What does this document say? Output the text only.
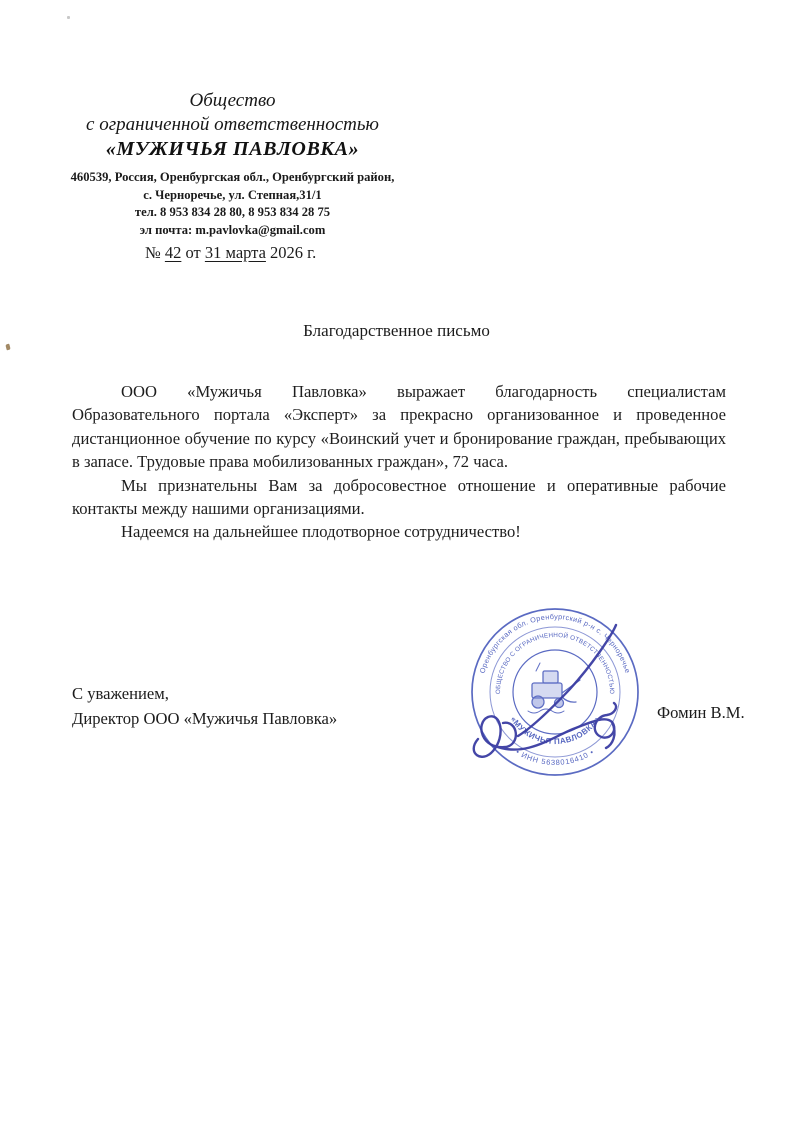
Общество
с ограниченной ответственностью
«МУЖИЧЬЯ ПАВЛОВКА»
460539, Россия, Оренбургская обл., Оренбургский район,
с. Черноречье, ул. Степная,31/1
тел. 8 953 834 28 80, 8 953 834 28 75
эл почта: m.pavlovka@gmail.com
№ 42 от 31 марта 2026 г.
Благодарственное письмо

ООО «Мужичья Павловка» выражает благодарность специалистам Образовательного портала «Эксперт» за прекрасно организованное и проведенное дистанционное обучение по курсу «Воинский учет и бронирование граждан, пребывающих в запасе. Трудовые права мобилизованных граждан», 72 часа.

Мы признательны Вам за добросовестное отношение и оперативные рабочие контакты между нашими организациями.

Надеемся на дальнейшее плодотворное сотрудничество!

С уважением,
Директор ООО «Мужичья Павловка»	Фомин В.М.
Оренбургская обл. Оренбургский р-н с. Черноречье
• ИНН 5638016410 •
ОБЩЕСТВО С ОГРАНИЧЕННОЙ ОТВЕТСТВЕННОСТЬЮ
«МУЖИЧЬЯ ПАВЛОВКА»
